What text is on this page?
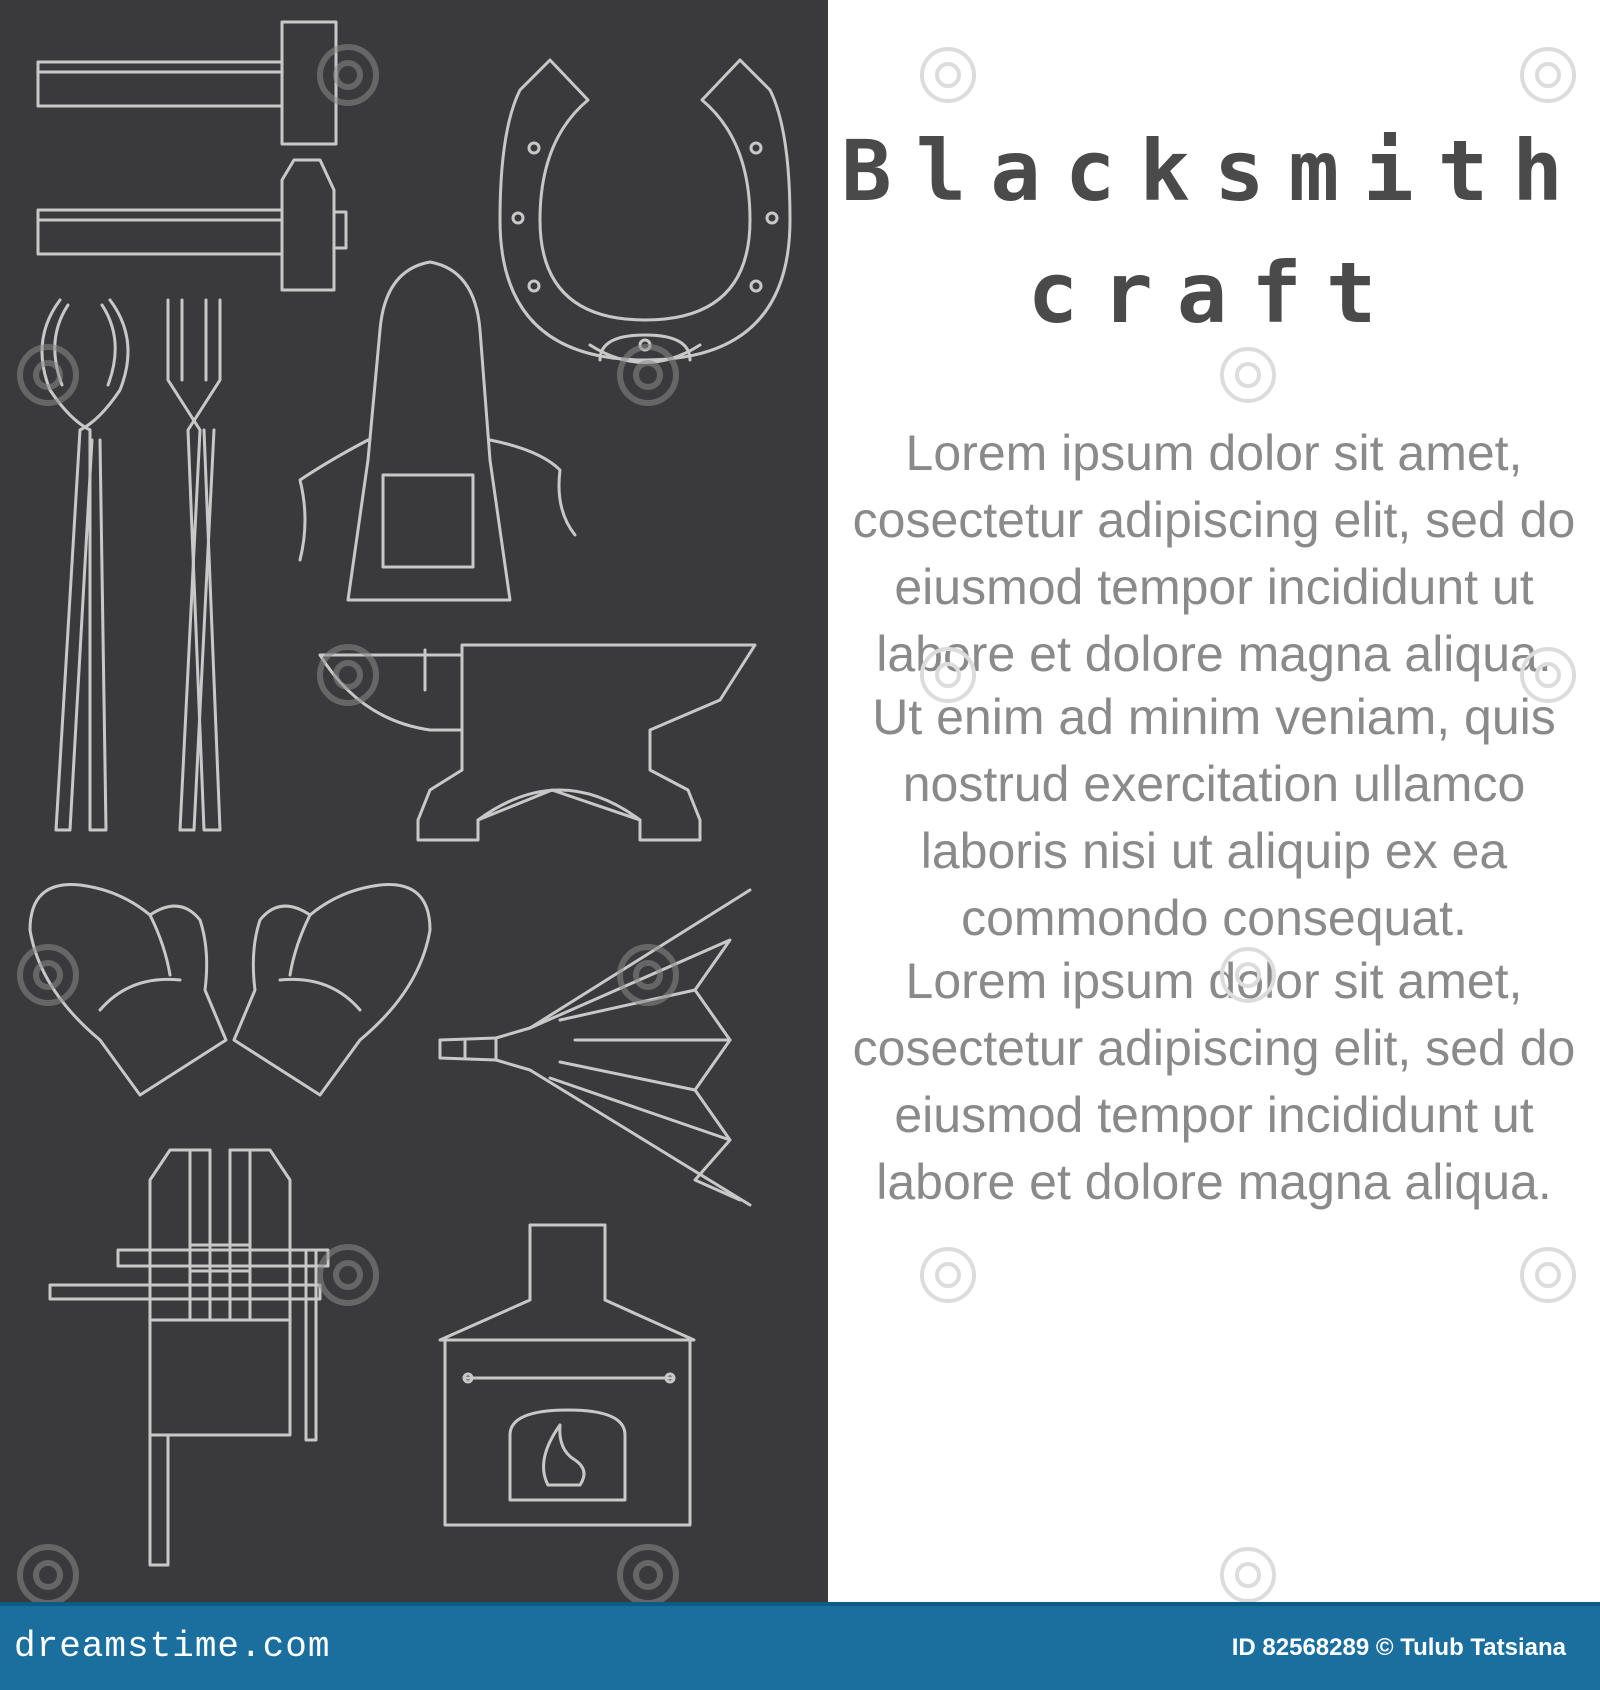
Blacksmith
craft

Lorem ipsum dolor sit amet, cosectetur adipiscing elit, sed do eiusmod tempor incididunt ut labore et dolore magna aliqua.

Ut enim ad minim veniam, quis nostrud exercitation ullamco laboris nisi ut aliquip ex ea commondo consequat.

Lorem ipsum dolor sit amet, cosectetur adipiscing elit, sed do eiusmod tempor incididunt ut labore et dolore magna aliqua.

dreamstime.com	ID 82568289 © Tulub Tatsiana
